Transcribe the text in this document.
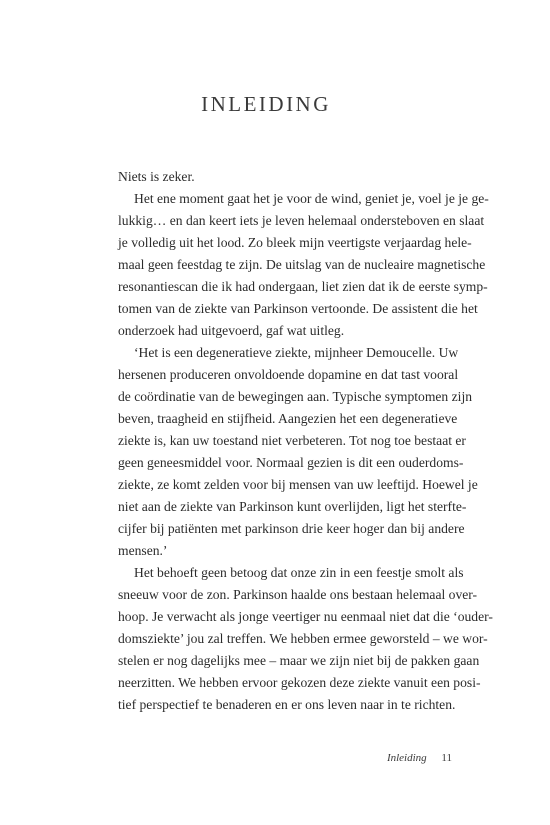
INLEIDING

Niets is zeker.

Het ene moment gaat het je voor de wind, geniet je, voel je je ge-
lukkig… en dan keert iets je leven helemaal ondersteboven en slaat
je volledig uit het lood. Zo bleek mijn veertigste verjaardag hele-
maal geen feestdag te zijn. De uitslag van de nucleaire magnetische
resonantiescan die ik had ondergaan, liet zien dat ik de eerste symp-
tomen van de ziekte van Parkinson vertoonde. De assistent die het
onderzoek had uitgevoerd, gaf wat uitleg.

‘Het is een degeneratieve ziekte, mijnheer Demoucelle. Uw
hersenen produceren onvoldoende dopamine en dat tast vooral
de coördinatie van de bewegingen aan. Typische symptomen zijn
beven, traagheid en stijfheid. Aangezien het een degeneratieve
ziekte is, kan uw toestand niet verbeteren. Tot nog toe bestaat er
geen geneesmiddel voor. Normaal gezien is dit een ouderdoms-
ziekte, ze komt zelden voor bij mensen van uw leeftijd. Hoewel je
niet aan de ziekte van Parkinson kunt overlijden, ligt het sterfte-
cijfer bij patiënten met parkinson drie keer hoger dan bij andere
mensen.’

Het behoeft geen betoog dat onze zin in een feestje smolt als
sneeuw voor de zon. Parkinson haalde ons bestaan helemaal over-
hoop. Je verwacht als jonge veertiger nu eenmaal niet dat die ‘ouder-
domsziekte’ jou zal treffen. We hebben ermee geworsteld – we wor-
stelen er nog dagelijks mee – maar we zijn niet bij de pakken gaan
neerzitten. We hebben ervoor gekozen deze ziekte vanuit een posi-
tief perspectief te benaderen en er ons leven naar in te richten.

Inleiding 11
